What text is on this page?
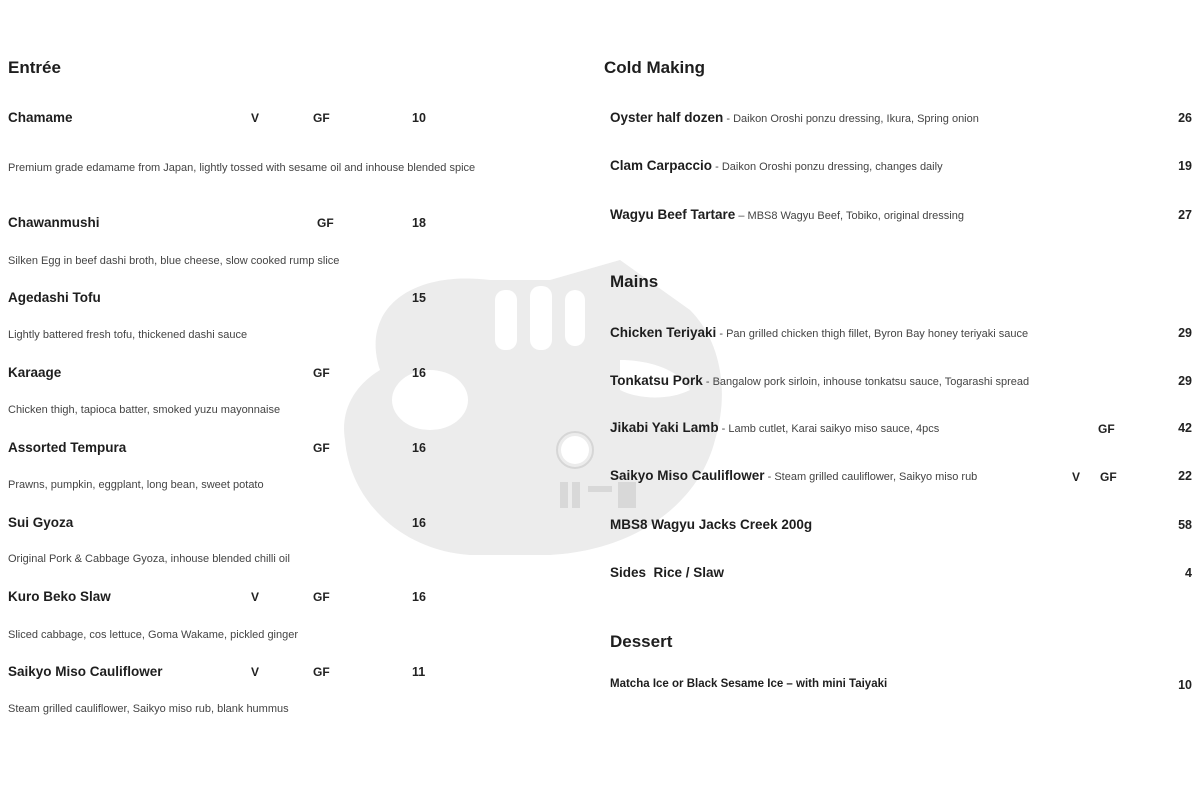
Entrée
Chamame	V	GF	10
Premium grade edamame from Japan, lightly tossed with sesame oil and inhouse blended spice
Chawanmushi	GF	18
Silken Egg in beef dashi broth, blue cheese, slow cooked rump slice
Agedashi Tofu	15
Lightly battered fresh tofu, thickened dashi sauce
Karaage	GF	16
Chicken thigh, tapioca batter, smoked yuzu mayonnaise
Assorted Tempura	GF	16
Prawns, pumpkin, eggplant, long bean, sweet potato
Sui Gyoza	16
Original Pork & Cabbage Gyoza, inhouse blended chilli oil
Kuro Beko Slaw	V	GF	16
Sliced cabbage, cos lettuce, Goma Wakame, pickled ginger
Saikyo Miso Cauliflower	V	GF	11
Steam grilled cauliflower, Saikyo miso rub, blank hummus
Cold Making
Oyster half dozen - Daikon Oroshi ponzu dressing, Ikura, Spring onion	26
Clam Carpaccio - Daikon Oroshi ponzu dressing, changes daily	19
Wagyu Beef Tartare – MBS8 Wagyu Beef, Tobiko, original dressing	27
Mains
Chicken Teriyaki - Pan grilled chicken thigh fillet, Byron Bay honey teriyaki sauce	29
Tonkatsu Pork - Bangalow pork sirloin, inhouse tonkatsu sauce, Togarashi spread	29
Jikabi Yaki Lamb - Lamb cutlet, Karai saikyo miso sauce, 4pcs	GF	42
Saikyo Miso Cauliflower - Steam grilled cauliflower, Saikyo miso rub	V GF	22
MBS8 Wagyu Jacks Creek 200g	58
Sides  Rice / Slaw	4
Dessert
Matcha Ice or Black Sesame Ice – with mini Taiyaki	10
